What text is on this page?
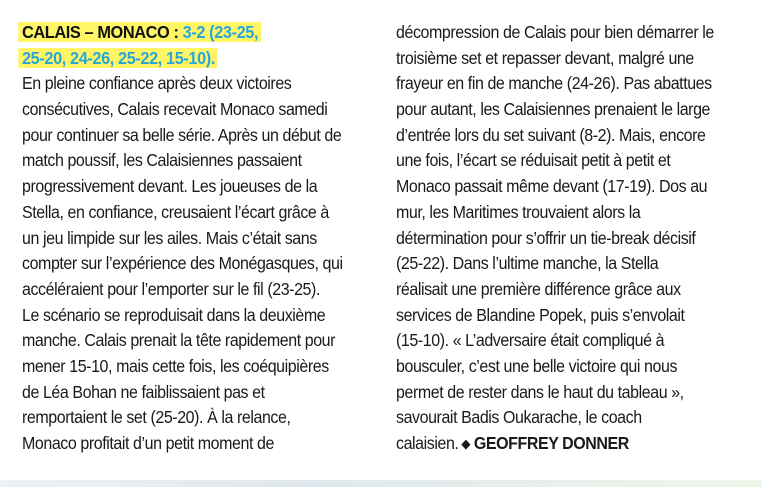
CALAIS – MONACO : 3-2 (23-25,
25-20, 24-26, 25-22, 15-10).
En pleine confiance après deux victoires
consécutives, Calais recevait Monaco samedi
pour continuer sa belle série. Après un début de
match poussif, les Calaisiennes passaient
progressivement devant. Les joueuses de la
Stella, en confiance, creusaient l’écart grâce à
un jeu limpide sur les ailes. Mais c’était sans
compter sur l’expérience des Monégasques, qui
accéléraient pour l’emporter sur le fil (23-25).
Le scénario se reproduisait dans la deuxième
manche. Calais prenait la tête rapidement pour
mener 15-10, mais cette fois, les coéquipières
de Léa Bohan ne faiblissaient pas et
remportaient le set (25-20). À la relance,
Monaco profitait d’un petit moment de
décompression de Calais pour bien démarrer le
troisième set et repasser devant, malgré une
frayeur en fin de manche (24-26). Pas abattues
pour autant, les Calaisiennes prenaient le large
d’entrée lors du set suivant (8-2). Mais, encore
une fois, l’écart se réduisait petit à petit et
Monaco passait même devant (17-19). Dos au
mur, les Maritimes trouvaient alors la
détermination pour s’offrir un tie-break décisif
(25-22). Dans l’ultime manche, la Stella
réalisait une première différence grâce aux
services de Blandine Popek, puis s’envolait
(15-10). « L’adversaire était compliqué à
bousculer, c’est une belle victoire qui nous
permet de rester dans le haut du tableau »,
savourait Badis Oukarache, le coach
calaisien. ◆ GEOFFREY DONNER
